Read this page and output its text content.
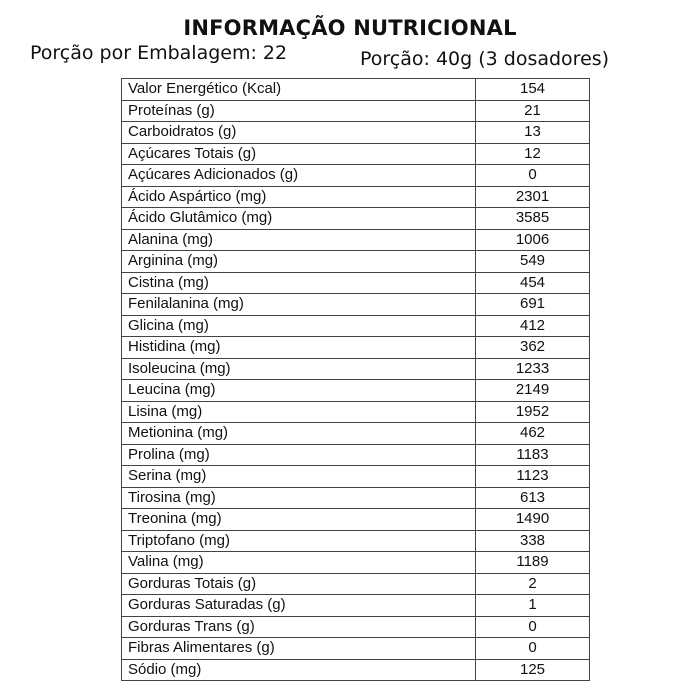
INFORMAÇÃO NUTRICIONAL
Porção por Embalagem: 22	Porção: 40g (3 dosadores)
Valor Energético (Kcal)	154
Proteínas (g)	21
Carboidratos (g)	13
Açúcares Totais (g)	12
Açúcares Adicionados (g)	0
Ácido Aspártico (mg)	2301
Ácido Glutâmico (mg)	3585
Alanina (mg)	1006
Arginina (mg)	549
Cistina (mg)	454
Fenilalanina (mg)	691
Glicina (mg)	412
Histidina (mg)	362
Isoleucina (mg)	1233
Leucina (mg)	2149
Lisina (mg)	1952
Metionina (mg)	462
Prolina (mg)	1183
Serina (mg)	1123
Tirosina (mg)	613
Treonina (mg)	1490
Triptofano (mg)	338
Valina (mg)	1189
Gorduras Totais (g)	2
Gorduras Saturadas (g)	1
Gorduras Trans (g)	0
Fibras Alimentares (g)	0
Sódio (mg)	125
